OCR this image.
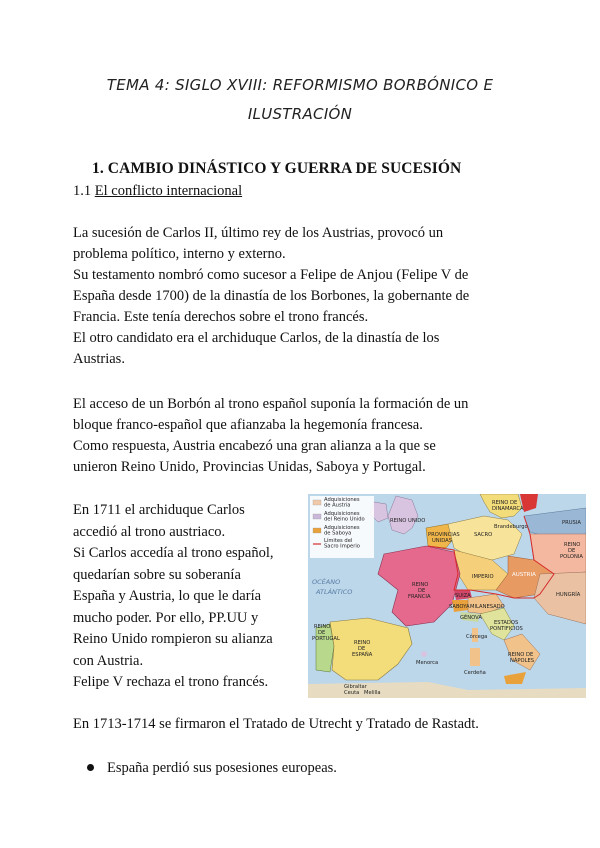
TEMA 4: SIGLO XVIII: REFORMISMO BORBÓNICO E
ILUSTRACIÓN
1. CAMBIO DINÁSTICO Y GUERRA DE SUCESIÓN
1.1 El conflicto internacional
La sucesión de Carlos II, último rey de los Austrias, provocó un
problema político, interno y externo.
Su testamento nombró como sucesor a Felipe de Anjou (Felipe V de
España desde 1700) de la dinastía de los Borbones, la gobernante de
Francia. Este tenía derechos sobre el trono francés.
El otro candidato era el archiduque Carlos, de la dinastía de los
Austrias.
El acceso de un Borbón al trono español suponía la formación de un
bloque franco-español que afianzaba la hegemonía francesa.
Como respuesta, Austria encabezó una gran alianza a la que se
unieron Reino Unido, Provincias Unidas, Saboya y Portugal.
En 1711 el archiduque Carlos
accedió al trono austriaco.
Si Carlos accedía al trono español,
quedarían sobre su soberanía
España y Austria, lo que le daría
mucho poder. Por ello, PP.UU y
Reino Unido rompieron su alianza
con Austria.
Felipe V rechaza el trono francés.
Adquisiciones de Austria
Adquisiciones del Reino Unido
Adquisiciones de Saboya
Límites del Sacro Imperio
OCÉANO
ATLÁNTICO
REINO UNIDO
REINO DE
DINAMARCA
PROVINCIAS
UNIDAS
SACRO
Brandeburgo
PRUSIA
REINO
DE
POLONIA
IMPERIO	AUSTRIA
HUNGRÍA
REINO
DE
FRANCIA	SUIZA
SABOYA MILANESADO
GÉNOVA
ESTADOS
PONTIFICIOS
REINO
DE
PORTUGAL
REINO
DE
ESPAÑA
Menorca
Cerdeña
Córcega
REINO DE
NÁPOLES
Gibraltar
Ceuta Melilla
En 1713-1714 se firmaron el Tratado de Utrecht y Tratado de Rastadt.
España perdió sus posesiones europeas.
